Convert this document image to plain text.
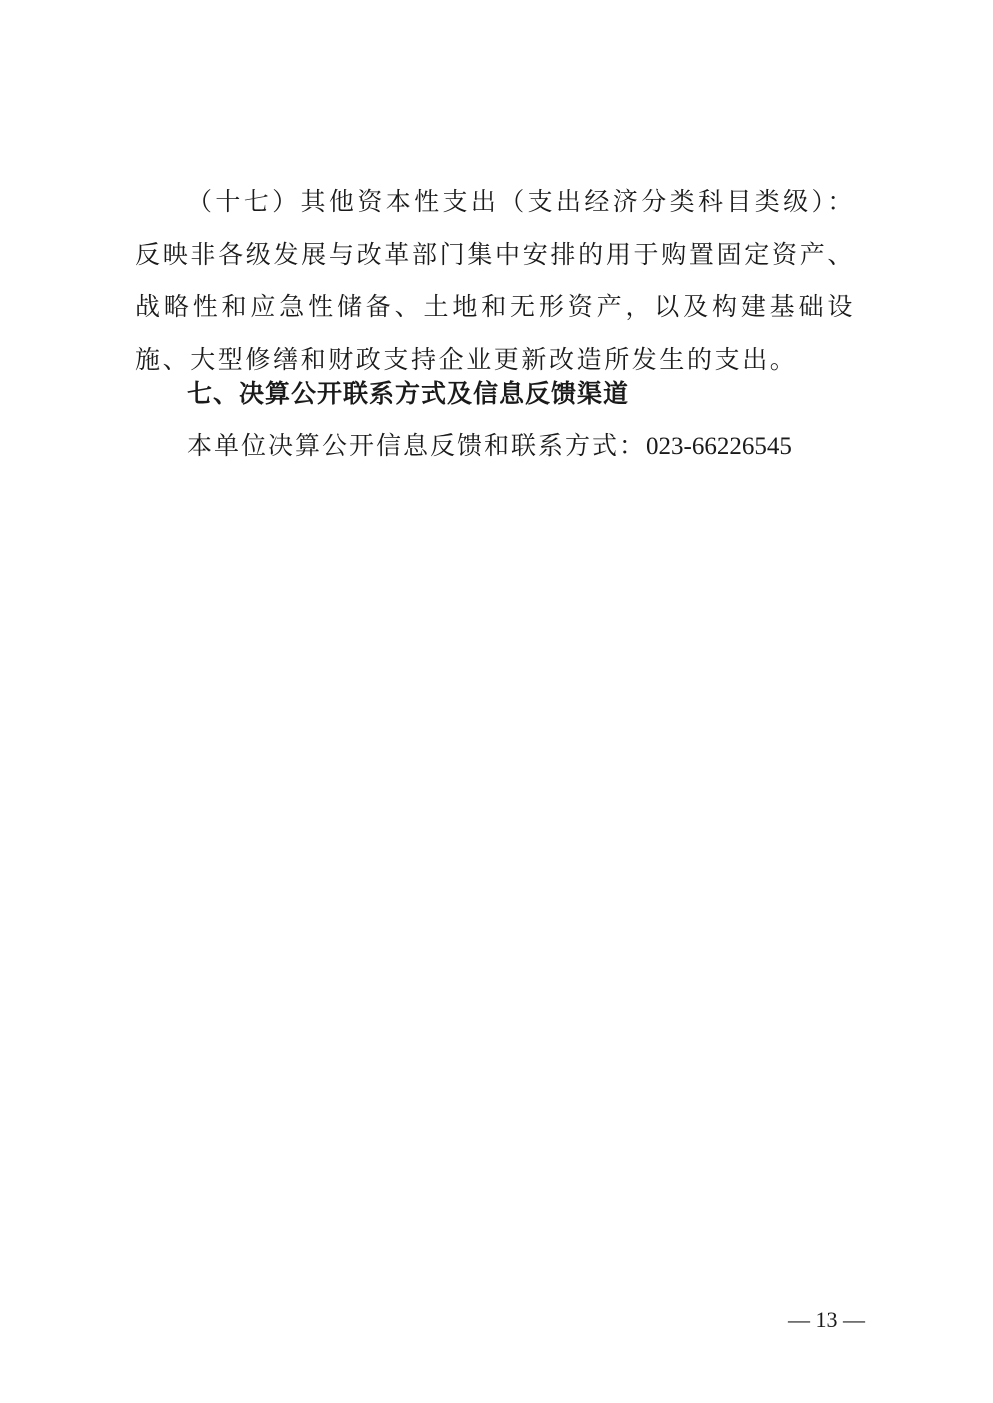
（十七）其他资本性支出（支出经济分类科目类级）：反映非各级发展与改革部门集中安排的用于购置固定资产、战略性和应急性储备、土地和无形资产，以及构建基础设施、大型修缮和财政支持企业更新改造所发生的支出。

七、决算公开联系方式及信息反馈渠道

本单位决算公开信息反馈和联系方式：023-66226545

— 13 —
